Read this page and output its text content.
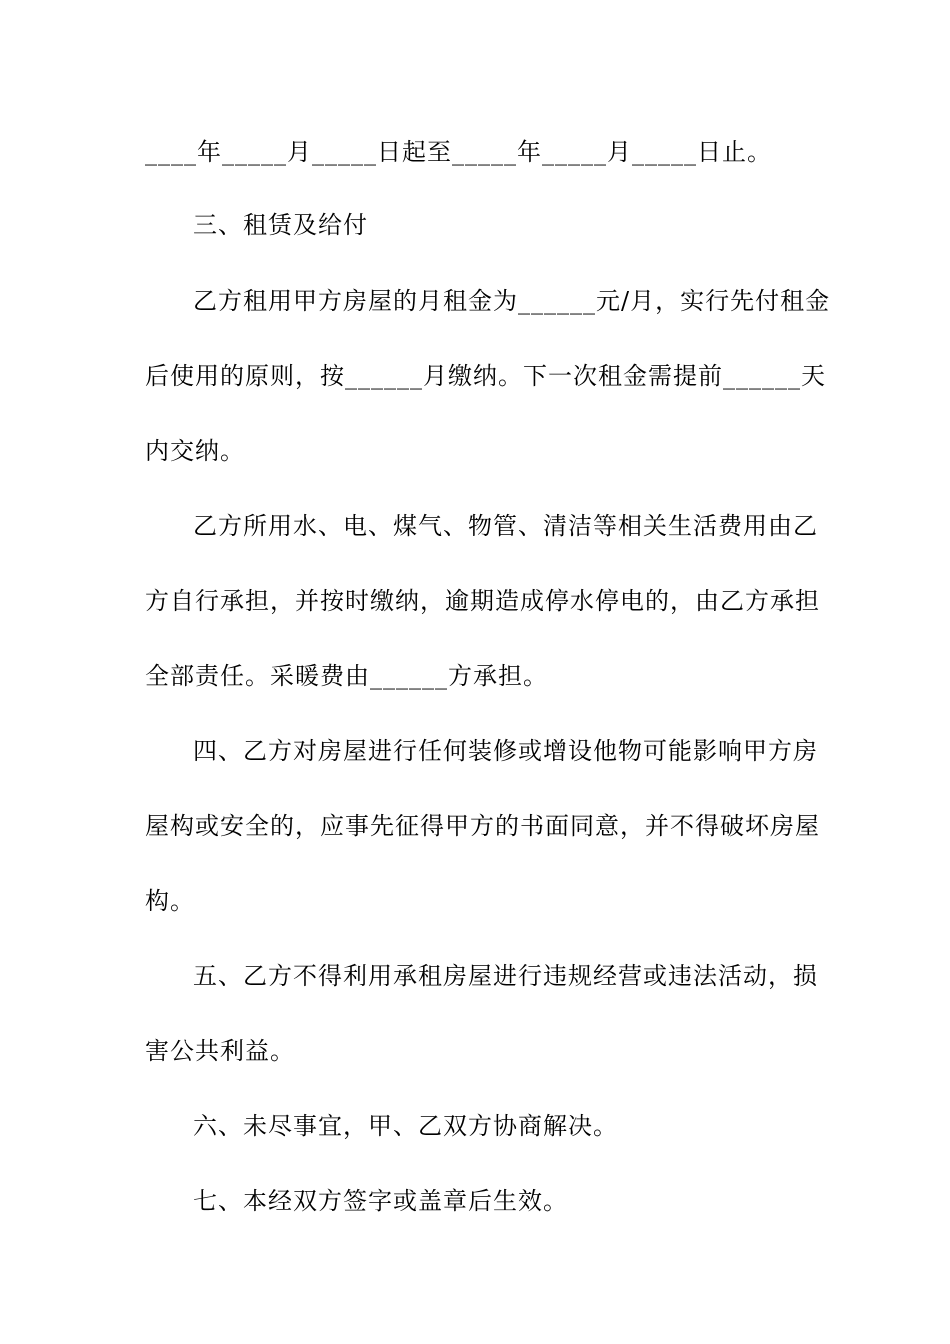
____年_____月_____日起至_____年_____月_____日止。
三、租赁及给付
乙方租用甲方房屋的月租金为______元/月，实行先付租金
后使用的原则，按______月缴纳。下一次租金需提前______天
内交纳。
乙方所用水、电、煤气、物管、清洁等相关生活费用由乙
方自行承担，并按时缴纳，逾期造成停水停电的，由乙方承担
全部责任。采暖费由______方承担。
四、乙方对房屋进行任何装修或增设他物可能影响甲方房
屋构或安全的，应事先征得甲方的书面同意，并不得破坏房屋
构。
五、乙方不得利用承租房屋进行违规经营或违法活动，损
害公共利益。
六、未尽事宜，甲、乙双方协商解决。
七、本经双方签字或盖章后生效。
